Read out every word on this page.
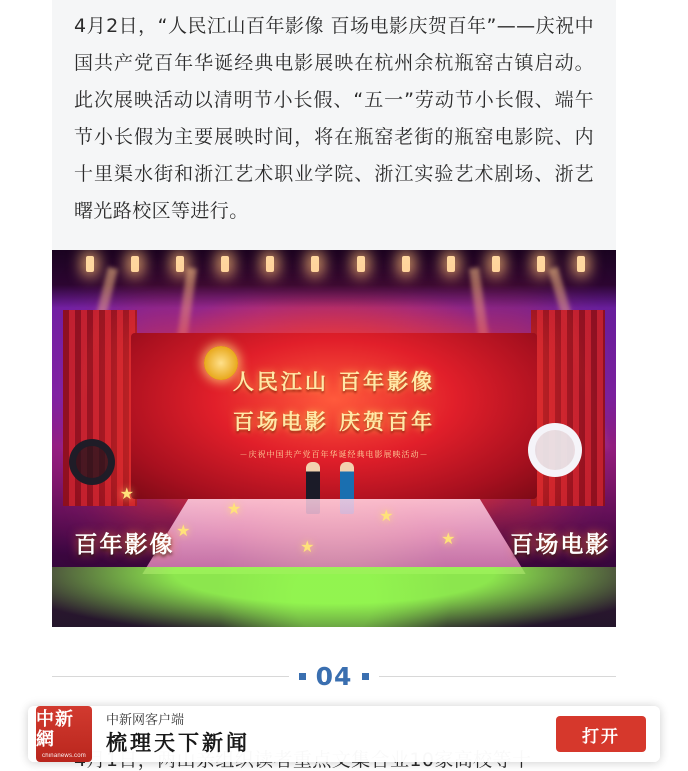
4月2日，“人民江山百年影像 百场电影庆贺百年”——庆祝中国共产党百年华诞经典电影展映在杭州余杭瓶窑古镇启动。此次展映活动以清明节小长假、“五一”劳动节小长假、端午节小长假为主要展映时间，将在瓶窑老街的瓶窑电影院、内十里渠水街和浙江艺术职业学院、浙江实验艺术剧场、浙艺曙光路校区等进行。

人民江山 百年影像
百场电影 庆贺百年
－庆祝中国共产党百年华诞经典电影展映活动－
★
★
★
★
★
★
百年影像	百场电影
04
中新網
chinanews.com
中新网客户端
梳理天下新闻	打开
